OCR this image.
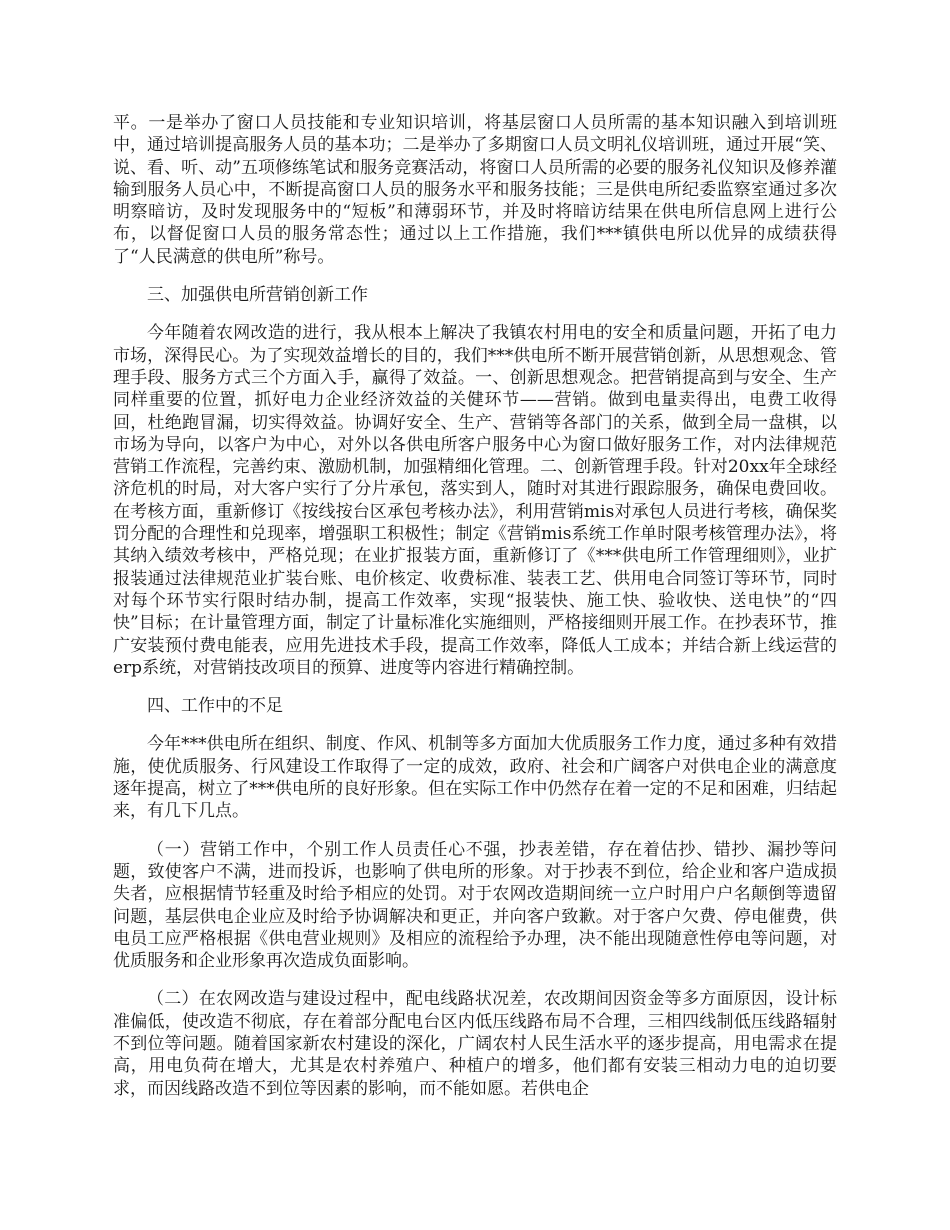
平。一是举办了窗口人员技能和专业知识培训，将基层窗口人员所需的基本知识融入到培训班中，通过培训提高服务人员的基本功；二是举办了多期窗口人员文明礼仪培训班，通过开展“笑、说、看、听、动”五项修练笔试和服务竞赛活动，将窗口人员所需的必要的服务礼仪知识及修养灌输到服务人员心中，不断提高窗口人员的服务水平和服务技能；三是供电所纪委监察室通过多次明察暗访，及时发现服务中的“短板”和薄弱环节，并及时将暗访结果在供电所信息网上进行公布，以督促窗口人员的服务常态性；通过以上工作措施，我们***镇供电所以优异的成绩获得了“人民满意的供电所”称号。

三、加强供电所营销创新工作

今年随着农网改造的进行，我从根本上解决了我镇农村用电的安全和质量问题，开拓了电力市场，深得民心。为了实现效益增长的目的，我们***供电所不断开展营销创新，从思想观念、管理手段、服务方式三个方面入手，赢得了效益。一、创新思想观念。把营销提高到与安全、生产同样重要的位置，抓好电力企业经济效益的关健环节——营销。做到电量卖得出，电费工收得回，杜绝跑冒漏，切实得效益。协调好安全、生产、营销等各部门的关系，做到全局一盘棋，以市场为导向，以客户为中心，对外以各供电所客户服务中心为窗口做好服务工作，对内法律规范营销工作流程，完善约束、激励机制，加强精细化管理。二、创新管理手段。针对20xx年全球经济危机的时局，对大客户实行了分片承包，落实到人，随时对其进行跟踪服务，确保电费回收。在考核方面，重新修订《按线按台区承包考核办法》，利用营销mis对承包人员进行考核，确保奖罚分配的合理性和兑现率，增强职工积极性；制定《营销mis系统工作单时限考核管理办法》，将其纳入绩效考核中，严格兑现；在业扩报装方面，重新修订了《***供电所工作管理细则》，业扩报装通过法律规范业扩装台账、电价核定、收费标准、装表工艺、供用电合同签订等环节，同时对每个环节实行限时结办制，提高工作效率，实现“报装快、施工快、验收快、送电快”的“四快”目标；在计量管理方面，制定了计量标准化实施细则，严格接细则开展工作。在抄表环节，推广安装预付费电能表，应用先进技术手段，提高工作效率，降低人工成本；并结合新上线运营的erp系统，对营销技改项目的预算、进度等内容进行精确控制。

四、工作中的不足

今年***供电所在组织、制度、作风、机制等多方面加大优质服务工作力度，通过多种有效措施，使优质服务、行风建设工作取得了一定的成效，政府、社会和广阔客户对供电企业的满意度逐年提高，树立了***供电所的良好形象。但在实际工作中仍然存在着一定的不足和困难，归结起来，有几下几点。

（一）营销工作中，个别工作人员责任心不强，抄表差错，存在着估抄、错抄、漏抄等问题，致使客户不满，进而投诉，也影响了供电所的形象。对于抄表不到位，给企业和客户造成损失者，应根据情节轻重及时给予相应的处罚。对于农网改造期间统一立户时用户户名颠倒等遗留问题，基层供电企业应及时给予协调解决和更正，并向客户致歉。对于客户欠费、停电催费，供电员工应严格根据《供电营业规则》及相应的流程给予办理，决不能出现随意性停电等问题，对优质服务和企业形象再次造成负面影响。

（二）在农网改造与建设过程中，配电线路状况差，农改期间因资金等多方面原因，设计标准偏低，使改造不彻底，存在着部分配电台区内低压线路布局不合理，三相四线制低压线路辐射不到位等问题。随着国家新农村建设的深化，广阔农村人民生活水平的逐步提高，用电需求在提高，用电负荷在增大，尤其是农村养殖户、种植户的增多，他们都有安装三相动力电的迫切要求，而因线路改造不到位等因素的影响，而不能如愿。若供电企
